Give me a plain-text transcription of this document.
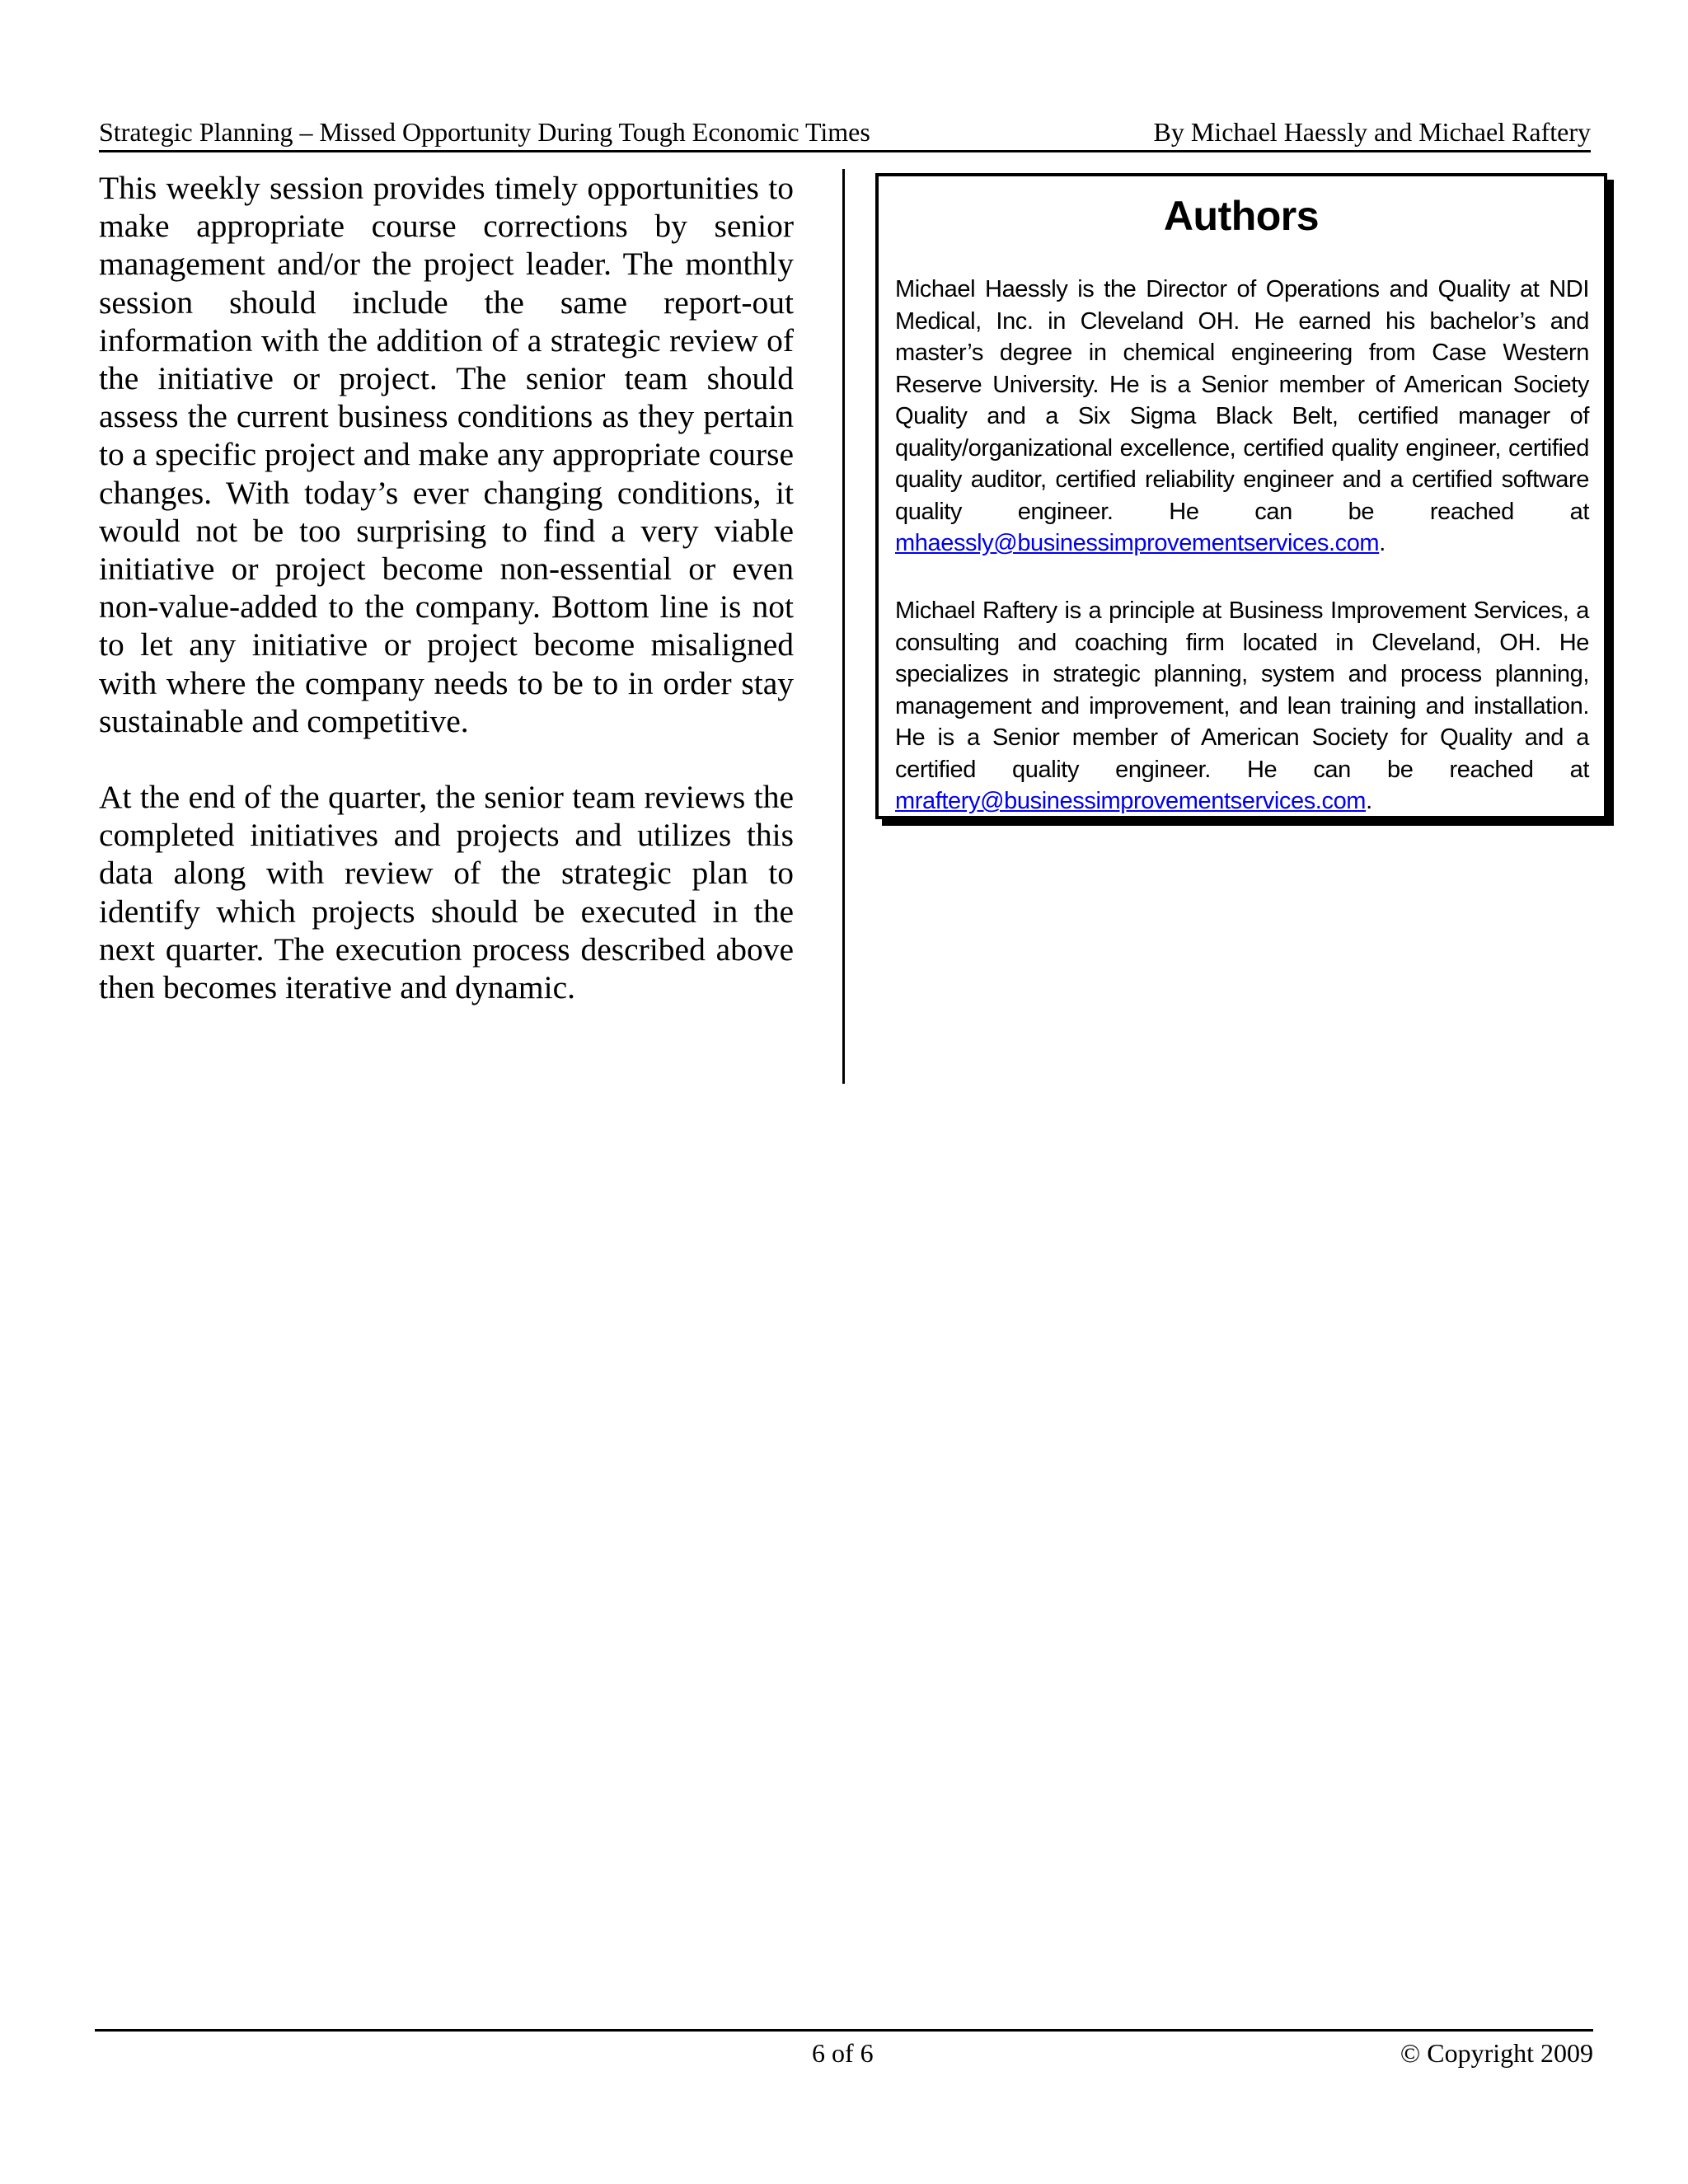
Strategic Planning – Missed Opportunity During Tough Economic Times	By Michael Haessly and Michael Raftery

This weekly session provides timely opportunities to make appropriate course corrections by senior management and/or the project leader. The monthly session should include the same report-out information with the addition of a strategic review of the initiative or project. The senior team should assess the current business conditions as they pertain to a specific project and make any appropriate course changes. With today’s ever changing conditions, it would not be too surprising to find a very viable initiative or project become non-essential or even non-value-added to the company. Bottom line is not to let any initiative or project become misaligned with where the company needs to be to in order stay sustainable and competitive.

At the end of the quarter, the senior team reviews the completed initiatives and projects and utilizes this data along with review of the strategic plan to identify which projects should be executed in the next quarter. The execution process described above then becomes iterative and dynamic.

Authors
Michael Haessly is the Director of Operations and Quality at NDI Medical, Inc. in Cleveland OH. He earned his bachelor’s and master’s degree in chemical engineering from Case Western Reserve University. He is a Senior member of American Society Quality and a Six Sigma Black Belt, certified manager of quality/organizational excellence, certified quality engineer, certified quality auditor, certified reliability engineer and a certified software quality engineer. He can be reached at mhaessly@businessimprovementservices.com.
Michael Raftery is a principle at Business Improvement Services, a consulting and coaching firm located in Cleveland, OH. He specializes in strategic planning, system and process planning, management and improvement, and lean training and installation. He is a Senior member of American Society for Quality and a certified quality engineer. He can be reached at mraftery@businessimprovementservices.com.
6 of 6	© Copyright 2009
